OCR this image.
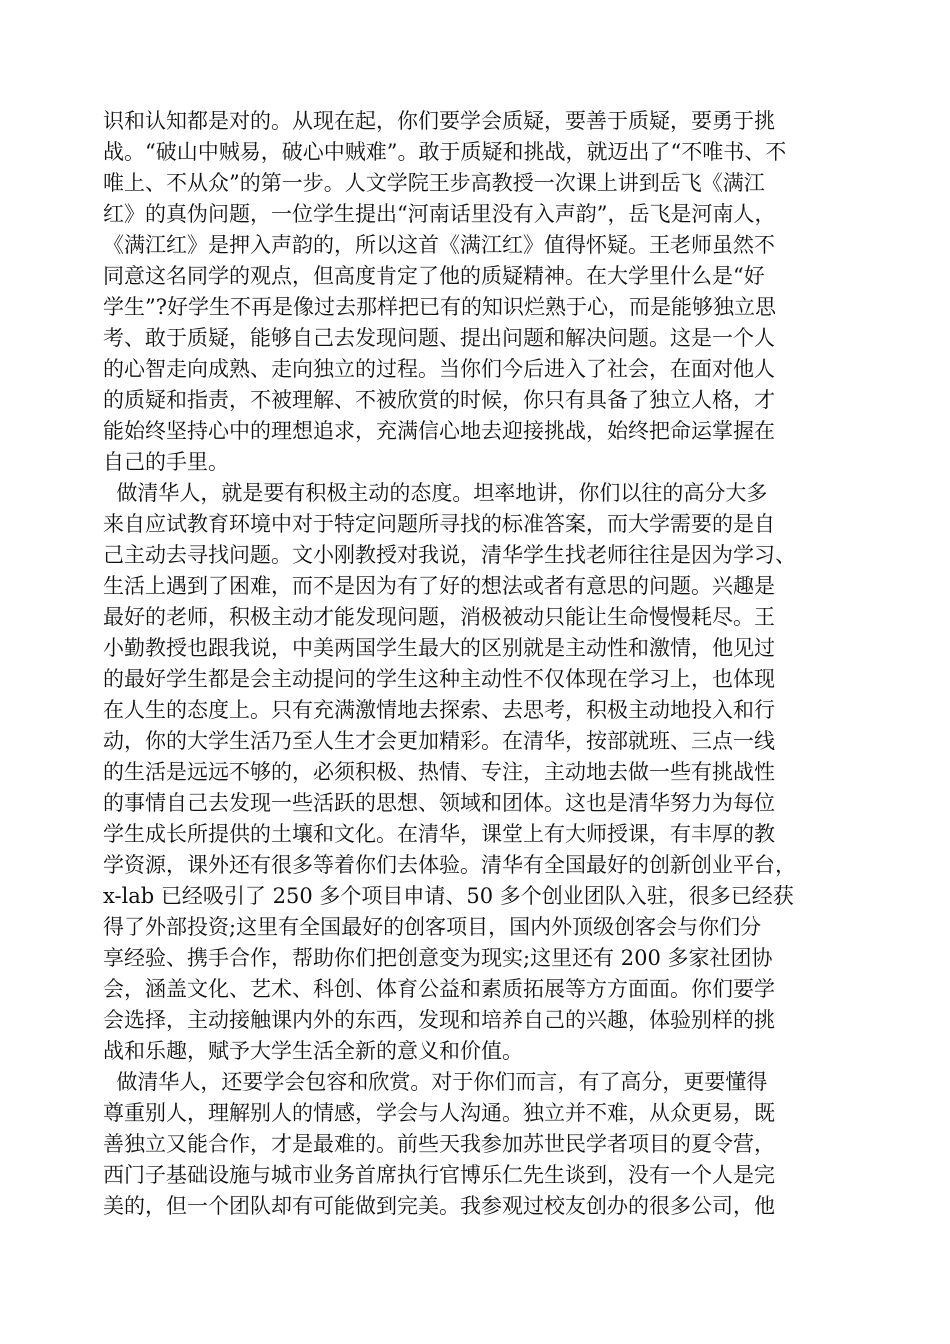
识和认知都是对的。从现在起，你们要学会质疑，要善于质疑，要勇于挑
战。“破山中贼易，破心中贼难”。敢于质疑和挑战，就迈出了“不唯书、不
唯上、不从众”的第一步。人文学院王步高教授一次课上讲到岳飞《满江
红》的真伪问题，一位学生提出“河南话里没有入声韵”，岳飞是河南人，
《满江红》是押入声韵的，所以这首《满江红》值得怀疑。王老师虽然不
同意这名同学的观点，但高度肯定了他的质疑精神。在大学里什么是“好
学生”?好学生不再是像过去那样把已有的知识烂熟于心，而是能够独立思
考、敢于质疑，能够自己去发现问题、提出问题和解决问题。这是一个人
的心智走向成熟、走向独立的过程。当你们今后进入了社会，在面对他人
的质疑和指责，不被理解、不被欣赏的时候，你只有具备了独立人格，才
能始终坚持心中的理想追求，充满信心地去迎接挑战，始终把命运掌握在
自己的手里。
做清华人，就是要有积极主动的态度。坦率地讲，你们以往的高分大多
来自应试教育环境中对于特定问题所寻找的标准答案，而大学需要的是自
己主动去寻找问题。文小刚教授对我说，清华学生找老师往往是因为学习、
生活上遇到了困难，而不是因为有了好的想法或者有意思的问题。兴趣是
最好的老师，积极主动才能发现问题，消极被动只能让生命慢慢耗尽。王
小勤教授也跟我说，中美两国学生最大的区别就是主动性和激情，他见过
的最好学生都是会主动提问的学生这种主动性不仅体现在学习上，也体现
在人生的态度上。只有充满激情地去探索、去思考，积极主动地投入和行
动，你的大学生活乃至人生才会更加精彩。在清华，按部就班、三点一线
的生活是远远不够的，必须积极、热情、专注，主动地去做一些有挑战性
的事情自己去发现一些活跃的思想、领域和团体。这也是清华努力为每位
学生成长所提供的土壤和文化。在清华，课堂上有大师授课，有丰厚的教
学资源，课外还有很多等着你们去体验。清华有全国最好的创新创业平台，
x-lab 已经吸引了 250 多个项目申请、50 多个创业团队入驻，很多已经获
得了外部投资;这里有全国最好的创客项目，国内外顶级创客会与你们分
享经验、携手合作，帮助你们把创意变为现实;这里还有 200 多家社团协
会，涵盖文化、艺术、科创、体育公益和素质拓展等方方面面。你们要学
会选择，主动接触课内外的东西，发现和培养自己的兴趣，体验别样的挑
战和乐趣，赋予大学生活全新的意义和价值。
做清华人，还要学会包容和欣赏。对于你们而言，有了高分，更要懂得
尊重别人，理解别人的情感，学会与人沟通。独立并不难，从众更易，既
善独立又能合作，才是最难的。前些天我参加苏世民学者项目的夏令营，
西门子基础设施与城市业务首席执行官博乐仁先生谈到，没有一个人是完
美的，但一个团队却有可能做到完美。我参观过校友创办的很多公司，他
